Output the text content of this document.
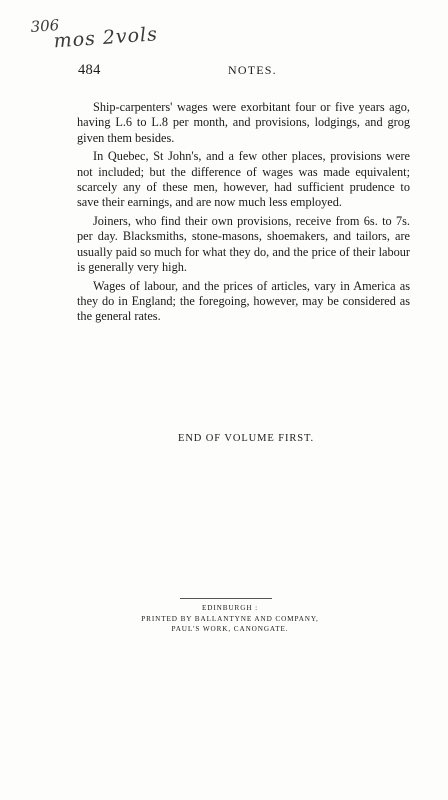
306
mos 2vols
484	NOTES.

Ship-carpenters' wages were exorbitant four or five years ago, having L.6 to L.8 per month, and provisions, lodgings, and grog given them besides.

In Quebec, St John's, and a few other places, provisions were not included; but the difference of wages was made equivalent; scarcely any of these men, however, had sufficient prudence to save their earnings, and are now much less employed.

Joiners, who find their own provisions, receive from 6s. to 7s. per day. Blacksmiths, stone-masons, shoemakers, and tailors, are usually paid so much for what they do, and the price of their labour is generally very high.

Wages of labour, and the prices of articles, vary in America as they do in England; the foregoing, however, may be considered as the general rates.

END OF VOLUME FIRST.
EDINBURGH :
PRINTED BY BALLANTYNE AND COMPANY,
PAUL'S WORK, CANONGATE.
